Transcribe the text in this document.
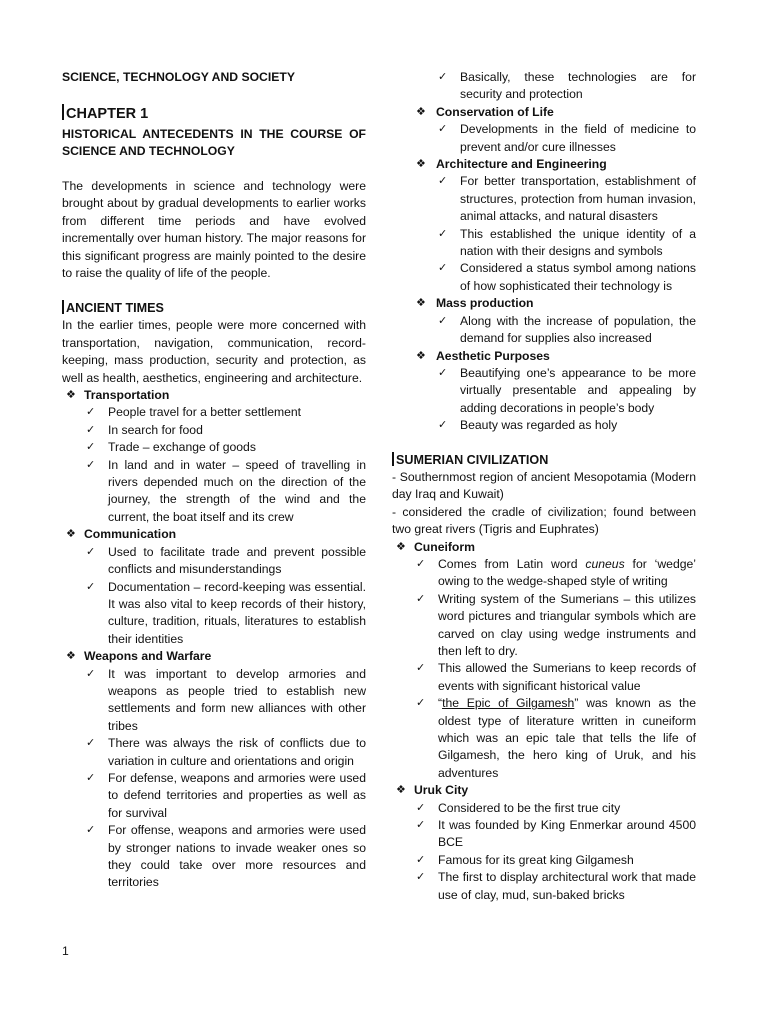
SCIENCE, TECHNOLOGY AND SOCIETY
CHAPTER 1
HISTORICAL ANTECEDENTS IN THE COURSE OF SCIENCE AND TECHNOLOGY
The developments in science and technology were brought about by gradual developments to earlier works from different time periods and have evolved incrementally over human history. The major reasons for this significant progress are mainly pointed to the desire to raise the quality of life of the people.
ANCIENT TIMES
In the earlier times, people were more concerned with transportation, navigation, communication, record-keeping, mass production, security and protection, as well as health, aesthetics, engineering and architecture.
❖ Transportation
✓ People travel for a better settlement
✓ In search for food
✓ Trade – exchange of goods
✓ In land and in water – speed of travelling in rivers depended much on the direction of the journey, the strength of the wind and the current, the boat itself and its crew
❖ Communication
✓ Used to facilitate trade and prevent possible conflicts and misunderstandings
✓ Documentation – record-keeping was essential. It was also vital to keep records of their history, culture, tradition, rituals, literatures to establish their identities
❖ Weapons and Warfare
✓ It was important to develop armories and weapons as people tried to establish new settlements and form new alliances with other tribes
✓ There was always the risk of conflicts due to variation in culture and orientations and origin
✓ For defense, weapons and armories were used to defend territories and properties as well as for survival
✓ For offense, weapons and armories were used by stronger nations to invade weaker ones so they could take over more resources and territories
✓ Basically, these technologies are for security and protection
❖ Conservation of Life
✓ Developments in the field of medicine to prevent and/or cure illnesses
❖ Architecture and Engineering
✓ For better transportation, establishment of structures, protection from human invasion, animal attacks, and natural disasters
✓ This established the unique identity of a nation with their designs and symbols
✓ Considered a status symbol among nations of how sophisticated their technology is
❖ Mass production
✓ Along with the increase of population, the demand for supplies also increased
❖ Aesthetic Purposes
✓ Beautifying one’s appearance to be more virtually presentable and appealing by adding decorations in people’s body
✓ Beauty was regarded as holy
SUMERIAN CIVILIZATION
- Southernmost region of ancient Mesopotamia (Modern day Iraq and Kuwait)
- considered the cradle of civilization; found between two great rivers (Tigris and Euphrates)
❖ Cuneiform
✓ Comes from Latin word cuneus for ‘wedge’ owing to the wedge-shaped style of writing
✓ Writing system of the Sumerians – this utilizes word pictures and triangular symbols which are carved on clay using wedge instruments and then left to dry.
✓ This allowed the Sumerians to keep records of events with significant historical value
✓ “the Epic of Gilgamesh” was known as the oldest type of literature written in cuneiform which was an epic tale that tells the life of Gilgamesh, the hero king of Uruk, and his adventures
❖ Uruk City
✓ Considered to be the first true city
✓ It was founded by King Enmerkar around 4500 BCE
✓ Famous for its great king Gilgamesh
✓ The first to display architectural work that made use of clay, mud, sun-baked bricks
1
